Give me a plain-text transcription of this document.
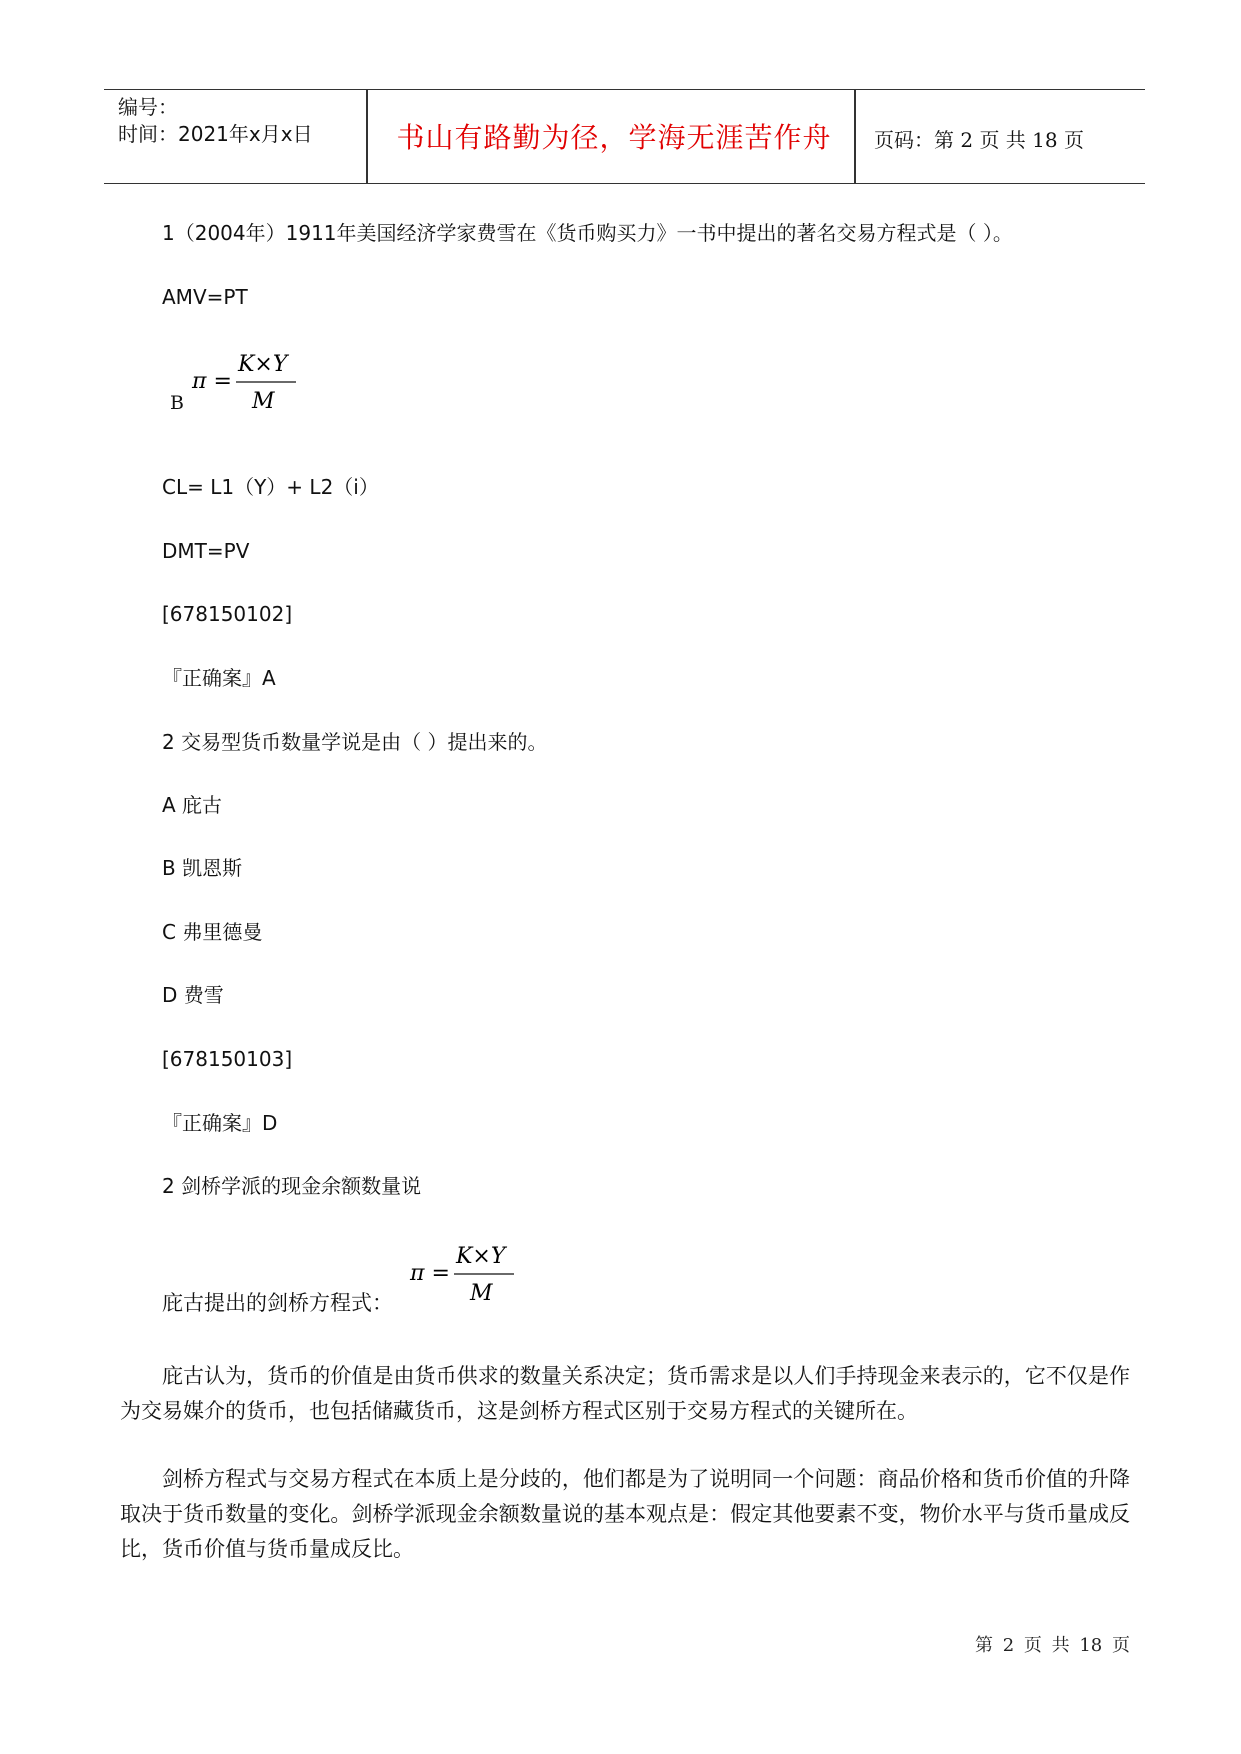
编号：
时间：2021年x月x日	书山有路勤为径，学海无涯苦作舟	页码：第 2 页 共 18 页
1（2004年）1911年美国经济学家费雪在《货币购买力》一书中提出的著名交易方程式是（ ）。
AMV=PT
B
π =
K×Y
M
CL= L1（Y）+ L2（i）
DMT=PV
[678150102]
『正确案』A
2 交易型货币数量学说是由（ ）提出来的。
A 庇古
B 凯恩斯
C 弗里德曼
D 费雪
[678150103]
『正确案』D
2 剑桥学派的现金余额数量说
庇古提出的剑桥方程式：
π =
K×Y
M
庇古认为，货币的价值是由货币供求的数量关系决定；货币需求是以人们手持现金来表示的，它不仅是作为交易媒介的货币，也包括储藏货币，这是剑桥方程式区别于交易方程式的关键所在。
剑桥方程式与交易方程式在本质上是分歧的，他们都是为了说明同一个问题：商品价格和货币价值的升降取决于货币数量的变化。剑桥学派现金余额数量说的基本观点是：假定其他要素不变，物价水平与货币量成反比，货币价值与货币量成反比。
第 2 页 共 18 页
